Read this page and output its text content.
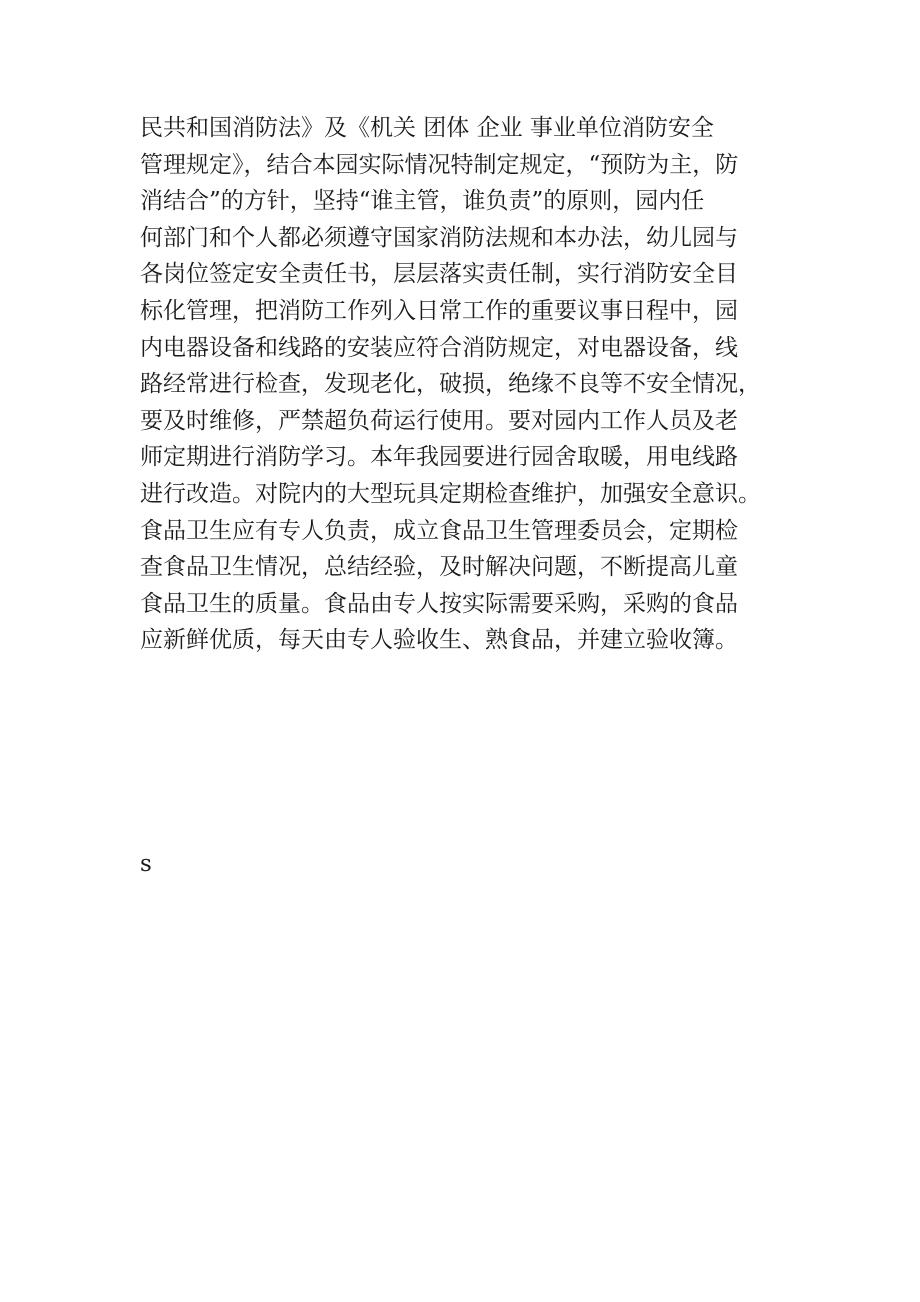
民共和国消防法》及《机关 团体 企业 事业单位消防安全
管理规定》，结合本园实际情况特制定规定，“预防为主，防
消结合”的方针，坚持“谁主管，谁负责”的原则，园内任
何部门和个人都必须遵守国家消防法规和本办法，幼儿园与
各岗位签定安全责任书，层层落实责任制，实行消防安全目
标化管理，把消防工作列入日常工作的重要议事日程中，园
内电器设备和线路的安装应符合消防规定，对电器设备，线
路经常进行检查，发现老化，破损，绝缘不良等不安全情况，
要及时维修，严禁超负荷运行使用。要对园内工作人员及老
师定期进行消防学习。本年我园要进行园舍取暖，用电线路
进行改造。对院内的大型玩具定期检查维护，加强安全意识。
食品卫生应有专人负责，成立食品卫生管理委员会，定期检
查食品卫生情况，总结经验，及时解决问题，不断提高儿童
食品卫生的质量。食品由专人按实际需要采购，采购的食品
应新鲜优质，每天由专人验收生、熟食品，并建立验收簿。

s
